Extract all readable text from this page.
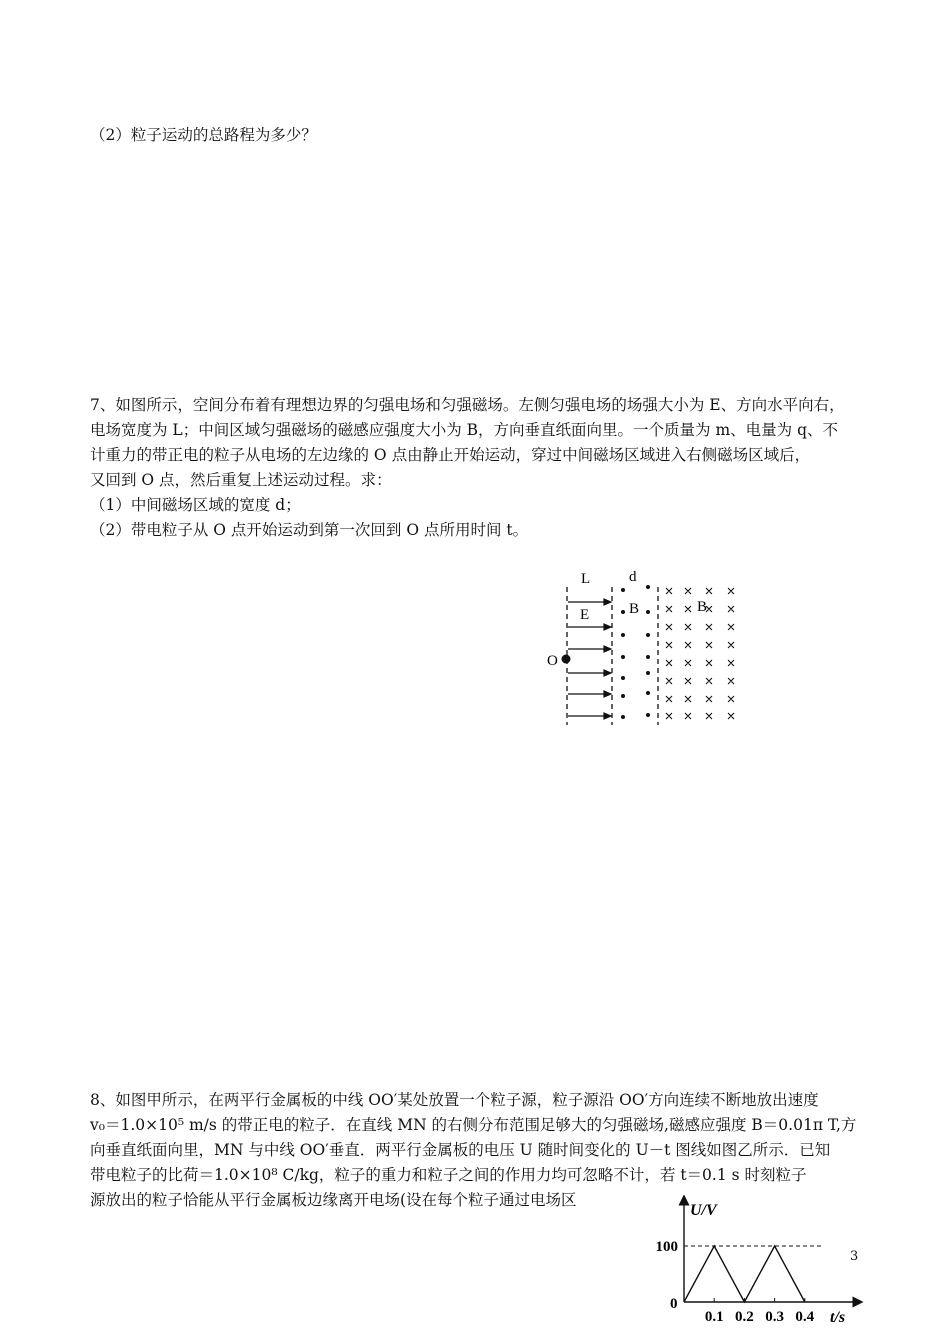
（2）粒子运动的总路程为多少？
7、如图所示，空间分布着有理想边界的匀强电场和匀强磁场。左侧匀强电场的场强大小为 E、方向水平向右，
电场宽度为 L；中间区域匀强磁场的磁感应强度大小为 B，方向垂直纸面向里。一个质量为 m、电量为 q、不
计重力的带正电的粒子从电场的左边缘的 O 点由静止开始运动，穿过中间磁场区域进入右侧磁场区域后，
又回到 O 点，然后重复上述运动过程。求：
（1）中间磁场区域的宽度 d；
（2）带电粒子从 O 点开始运动到第一次回到 O 点所用时间 t。
L	d
E	B	B
O
8、如图甲所示，在两平行金属板的中线 OO′某处放置一个粒子源，粒子源沿 OO′方向连续不断地放出速度
v₀＝1.0×10⁵ m/s 的带正电的粒子．在直线 MN 的右侧分布范围足够大的匀强磁场,磁感应强度 B＝0.01π T,方
向垂直纸面向里，MN 与中线 OO′垂直．两平行金属板的电压 U 随时间变化的 U－t 图线如图乙所示．已知
带电粒子的比荷＝1.0×10⁸ C/kg，粒子的重力和粒子之间的作用力均可忽略不计，若 t＝0.1 s 时刻粒子
源放出的粒子恰能从平行金属板边缘离开电场(设在每个粒子通过电场区
U/V
t/s
0
0.1 0.2 0.3 0.4
100
3
